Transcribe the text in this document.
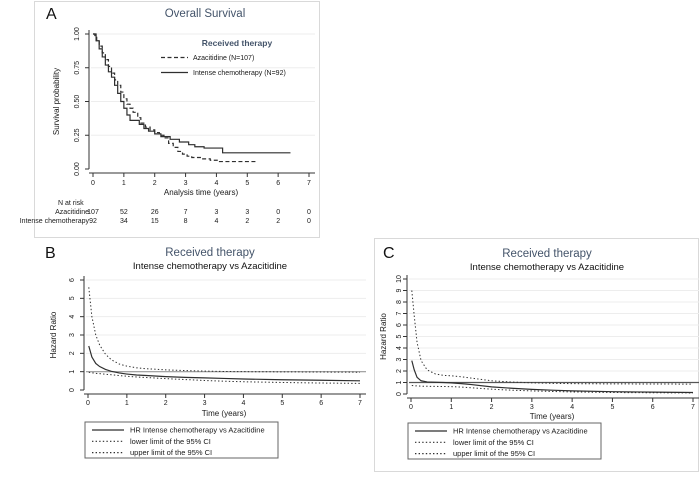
A	Overall Survival
0.00
0.25
0.50
0.75
1.00
0	1	2	3	4	5	6	7
Survival probability
Analysis time (years)
Received therapy
Azacitidine (N=107)
Intense chemotherapy (N=92)
N at risk
Azacitidine
107	52	26	7	3	3	0	0
Intense chemotherapy 92	34	15	8	4	2	2	0
B	Received therapy
Intense chemotherapy vs Azacitidine
0
1
2
3
4
5
6
0	1	2	3	4	5	6	7
Hazard Ratio
Time (years)
HR Intense chemotherapy vs Azacitidine
lower limit of the 95% CI
upper limit of the 95% CI
C	Received therapy
Intense chemotherapy vs Azacitidine
0
1
2
3
4
5
6
7
8
9
10
0	1	2	3	4	5	6	7
Hazard Ratio
Time (years)
HR Intense chemotherapy vs Azacitidine
lower limit of the 95% CI
upper limit of the 95% CI
